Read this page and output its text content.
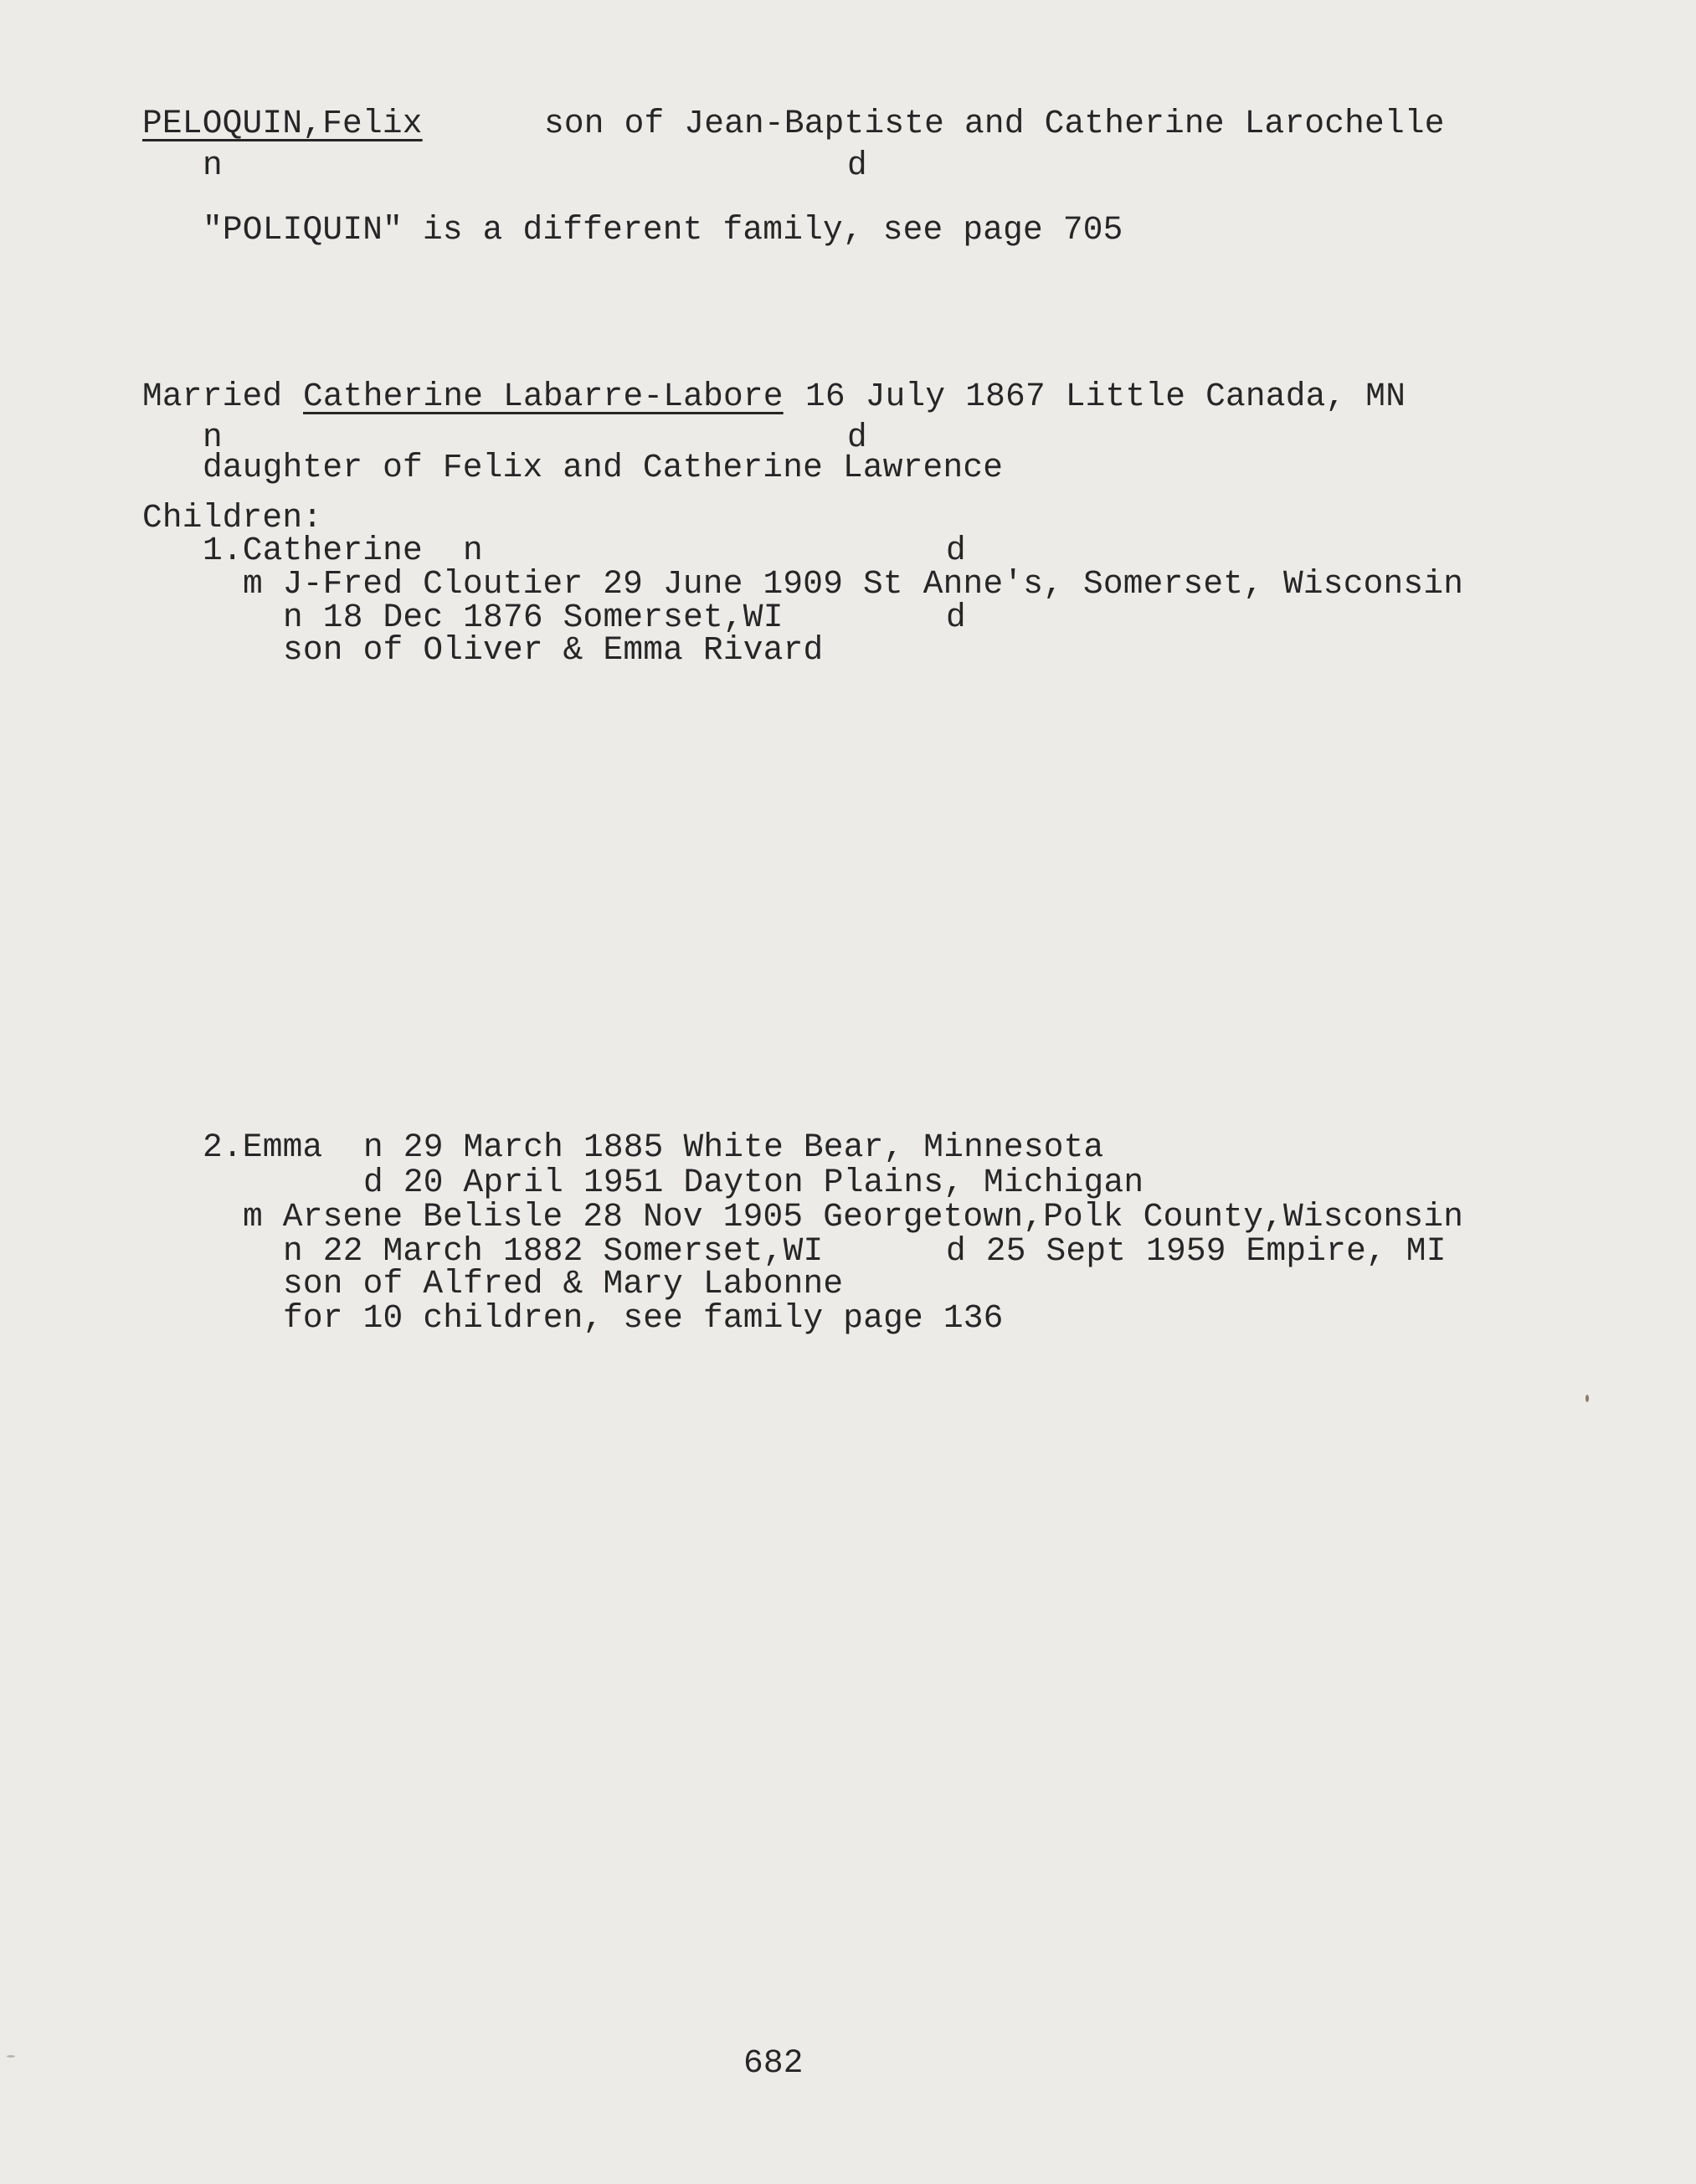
PELOQUIN,Felix	son of Jean-Baptiste and Catherine Larochelle
n	d
"POLIQUIN" is a different family, see page 705
Married Catherine Labarre-Labore 16 July 1867 Little Canada, MN
n	d
daughter of Felix and Catherine Lawrence
Children:
1.Catherine n	d
m J-Fred Cloutier 29 June 1909 St Anne's, Somerset, Wisconsin
n 18 Dec 1876 Somerset,WI	d
son of Oliver & Emma Rivard
2.Emma n 29 March 1885 White Bear, Minnesota
d 20 April 1951 Dayton Plains, Michigan
m Arsene Belisle 28 Nov 1905 Georgetown,Polk County,Wisconsin
n 22 March 1882 Somerset,WI	d 25 Sept 1959 Empire, MI
son of Alfred & Mary Labonne
for 10 children, see family page 136
682
